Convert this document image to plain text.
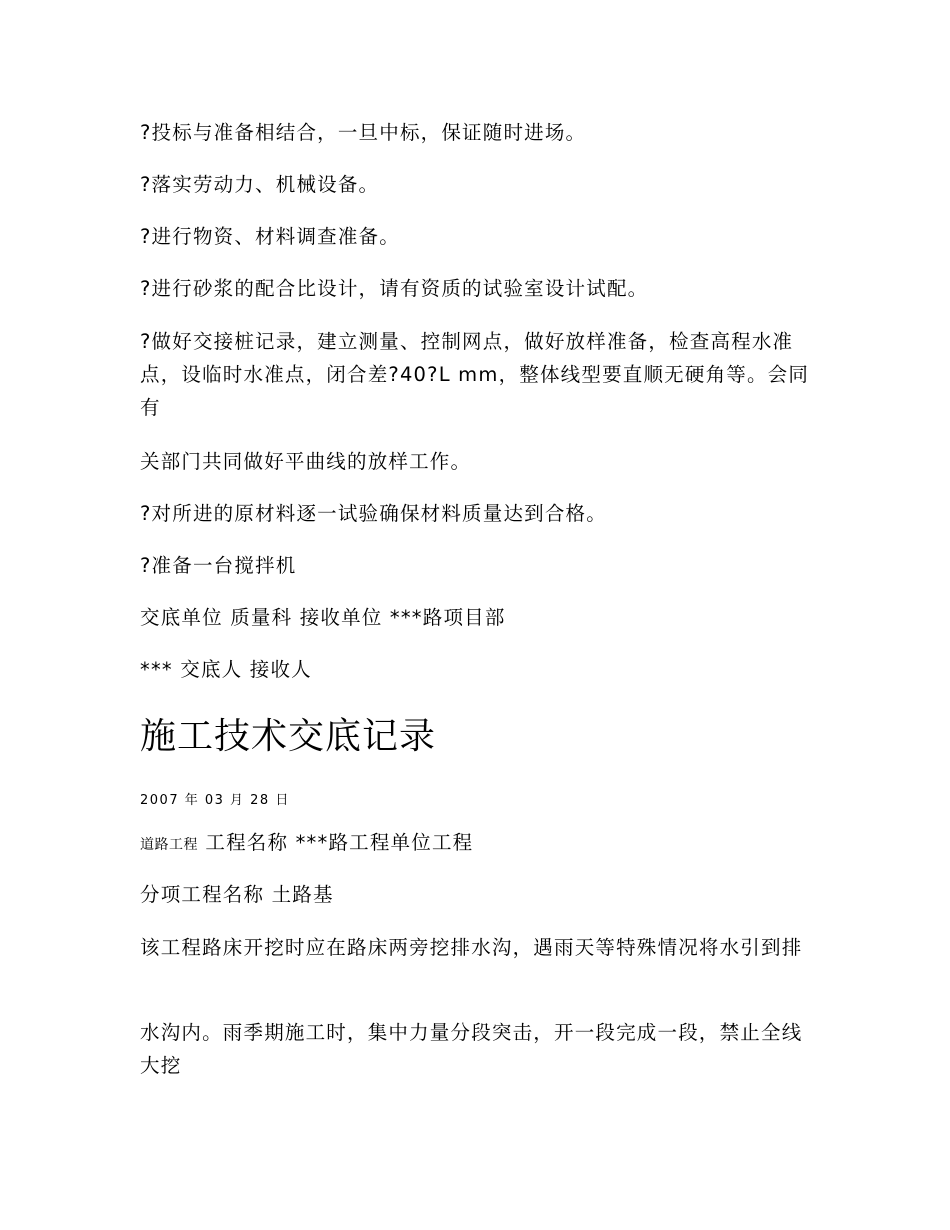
?投标与准备相结合，一旦中标，保证随时进场。
?落实劳动力、机械设备。
?进行物资、材料调查准备。
?进行砂浆的配合比设计，请有资质的试验室设计试配。
?做好交接桩记录，建立测量、控制网点，做好放样准备，检查高程水准点，设临时水准点，闭合差?40?L mm，整体线型要直顺无硬角等。会同有
关部门共同做好平曲线的放样工作。
?对所进的原材料逐一试验确保材料质量达到合格。
?准备一台搅拌机
交底单位 质量科 接收单位 ***路项目部
*** 交底人 接收人
施工技术交底记录
2007 年 03 月 28 日
道路工程 工程名称 ***路工程单位工程
分项工程名称 土路基
该工程路床开挖时应在路床两旁挖排水沟，遇雨天等特殊情况将水引到排
水沟内。雨季期施工时，集中力量分段突击，开一段完成一段，禁止全线大挖
